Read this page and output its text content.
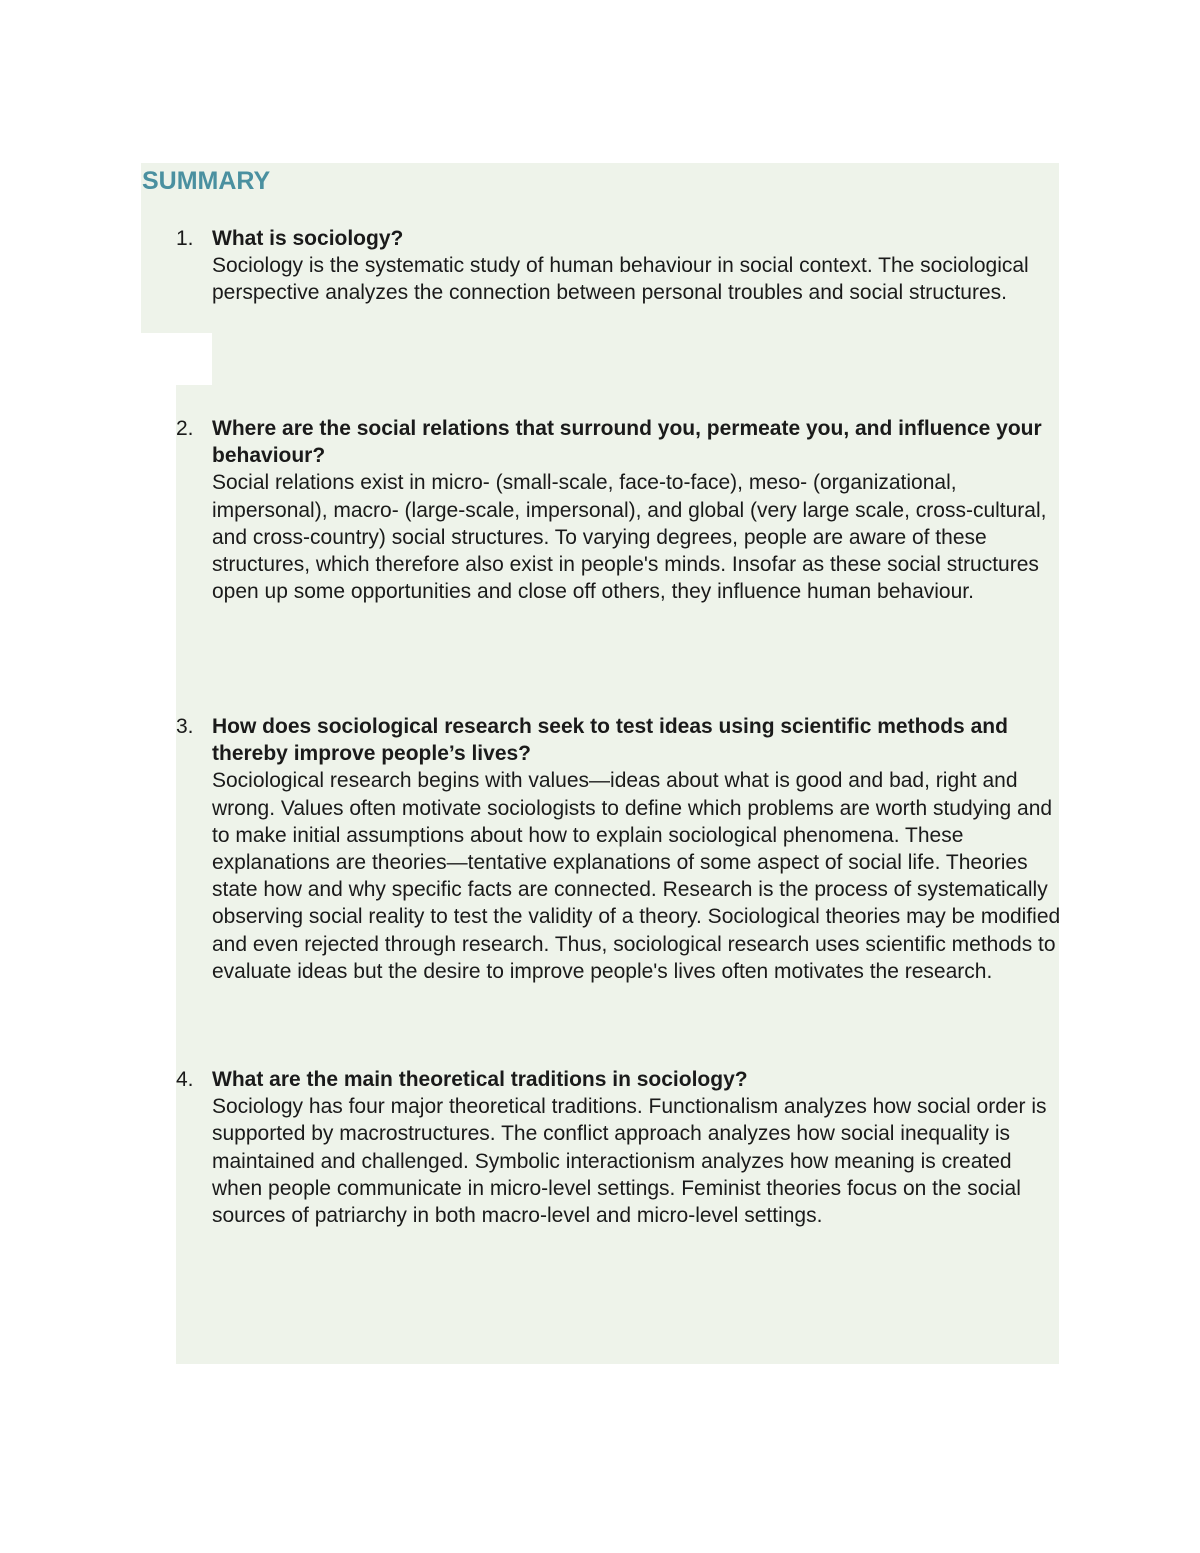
SUMMARY
1. What is sociology?
Sociology is the systematic study of human behaviour in social context. The sociological perspective analyzes the connection between personal troubles and social structures.
2. Where are the social relations that surround you, permeate you, and influence your behaviour?
Social relations exist in micro- (small-scale, face-to-face), meso- (organizational, impersonal), macro- (large-scale, impersonal), and global (very large scale, cross-cultural, and cross-country) social structures. To varying degrees, people are aware of these structures, which therefore also exist in people's minds. Insofar as these social structures open up some opportunities and close off others, they influence human behaviour.
3. How does sociological research seek to test ideas using scientific methods and thereby improve people’s lives?
Sociological research begins with values—ideas about what is good and bad, right and wrong. Values often motivate sociologists to define which problems are worth studying and to make initial assumptions about how to explain sociological phenomena. These explanations are theories—tentative explanations of some aspect of social life. Theories state how and why specific facts are connected. Research is the process of systematically observing social reality to test the validity of a theory. Sociological theories may be modified and even rejected through research. Thus, sociological research uses scientific methods to evaluate ideas but the desire to improve people's lives often motivates the research.
4. What are the main theoretical traditions in sociology?
Sociology has four major theoretical traditions. Functionalism analyzes how social order is supported by macrostructures. The conflict approach analyzes how social inequality is maintained and challenged. Symbolic interactionism analyzes how meaning is created when people communicate in micro-level settings. Feminist theories focus on the social sources of patriarchy in both macro-level and micro-level settings.
